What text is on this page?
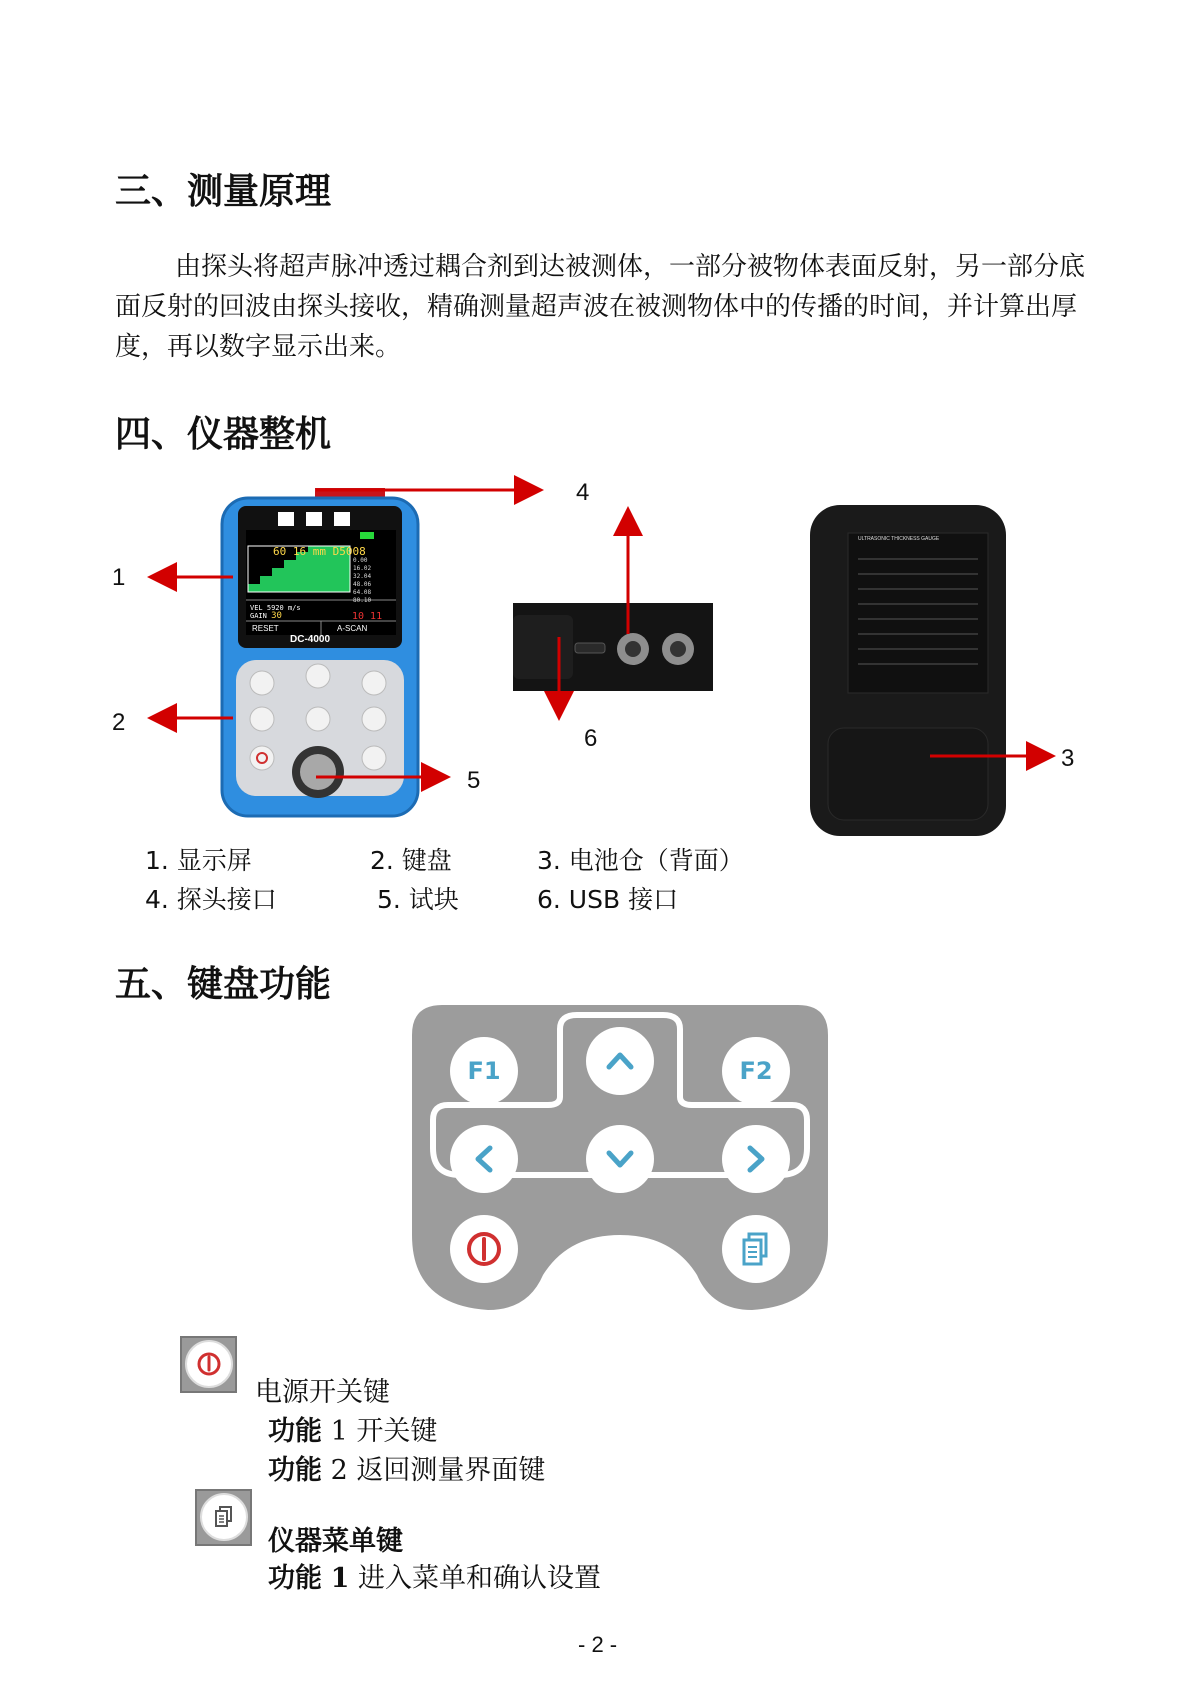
三、测量原理
由探头将超声脉冲透过耦合剂到达被测体，一部分被物体表面反射，另一部分底面反射的回波由探头接收，精确测量超声波在被测物体中的传播的时间，并计算出厚度，再以数字显示出来。
四、仪器整机
60 16 mm D5008
0.00
16.02
32.04
48.06
64.08
80.10
VEL 5920 m/s
GAIN 30	10 11
RESET	A-SCAN
DC-4000
ULTRASONIC THICKNESS GAUGE
1
2
3
4
5
6
1. 显示屏	2. 键盘	3. 电池仓（背面）
4. 探头接口	5. 试块	6. USB 接口
五、键盘功能
F1	F2
电源开关键
功能 1 开关键
功能 2 返回测量界面键
仪器菜单键
功能 1 进入菜单和确认设置
- 2 -
